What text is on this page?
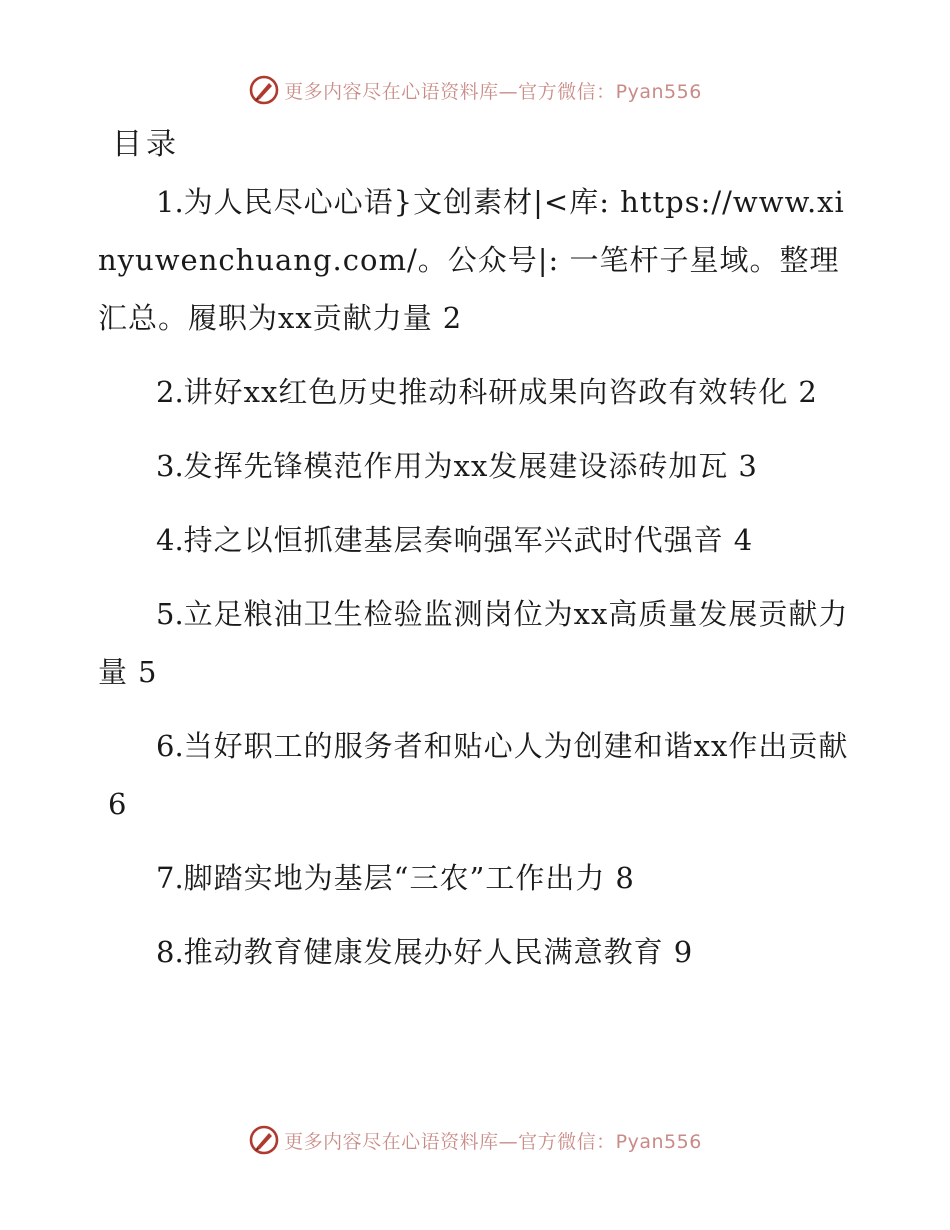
更多内容尽在心语资料库—官方微信：Pyan556
目录
1.为人民尽心心语}文创素材|<库: https://www.xinyuwenchuang.com/。公众号|: 一笔杆子星域。整理汇总。履职为xx贡献力量 2
2.讲好xx红色历史推动科研成果向咨政有效转化 2
3.发挥先锋模范作用为xx发展建设添砖加瓦 3
4.持之以恒抓建基层奏响强军兴武时代强音 4
5.立足粮油卫生检验监测岗位为xx高质量发展贡献力量 5
6.当好职工的服务者和贴心人为创建和谐xx作出贡献6
7.脚踏实地为基层“三农”工作出力 8
8.推动教育健康发展办好人民满意教育 9
更多内容尽在心语资料库—官方微信：Pyan556
